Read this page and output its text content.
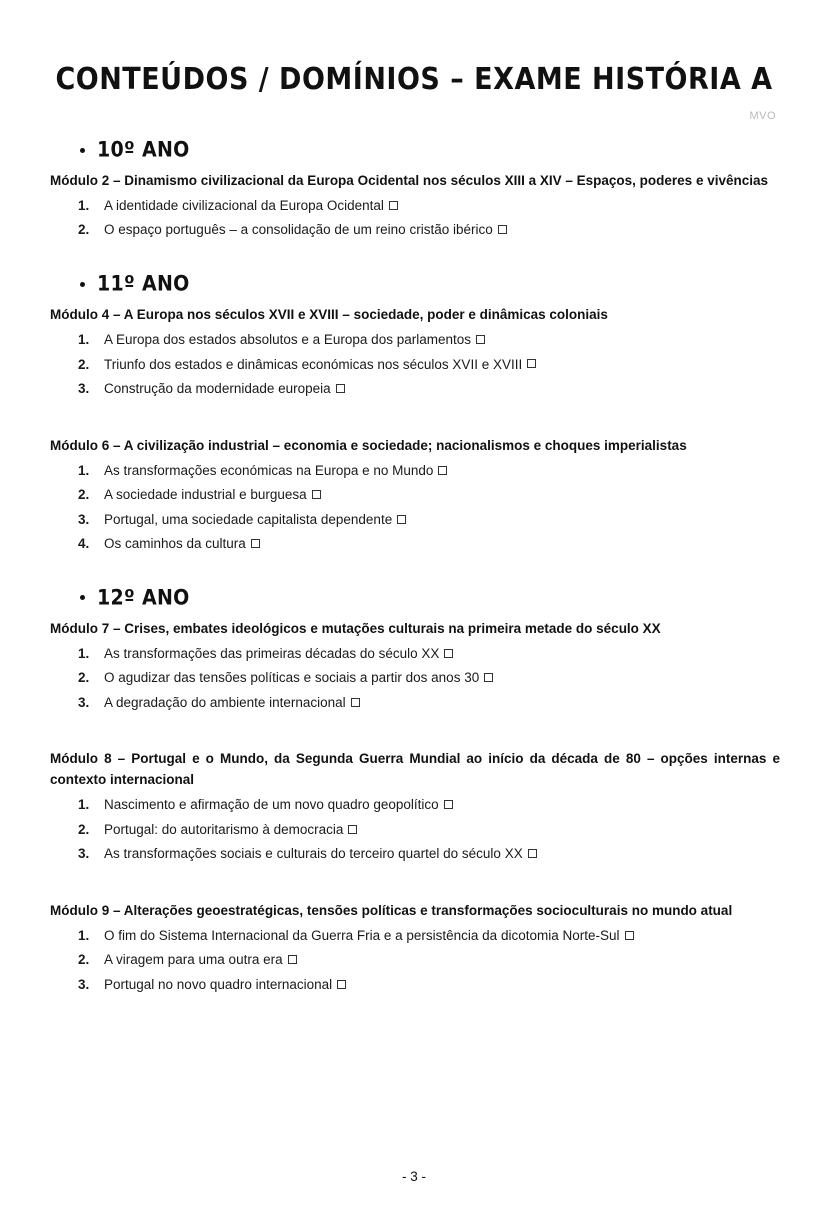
MVO
CONTEÚDOS / DOMÍNIOS – EXAME HISTÓRIA A
10º ANO

Módulo 2 – Dinamismo civilizacional da Europa Ocidental nos séculos XIII a XIV – Espaços, poderes e vivências

1.	A identidade civilizacional da Europa Ocidental
2.	O espaço português – a consolidação de um reino cristão ibérico
11º ANO

Módulo 4 – A Europa nos séculos XVII e XVIII – sociedade, poder e dinâmicas coloniais

1.	A Europa dos estados absolutos e a Europa dos parlamentos
2.	Triunfo dos estados e dinâmicas económicas nos séculos XVII e XVIII
3.	Construção da modernidade europeia

Módulo 6 – A civilização industrial – economia e sociedade; nacionalismos e choques imperialistas

1.	As transformações económicas na Europa e no Mundo
2.	A sociedade industrial e burguesa
3.	Portugal, uma sociedade capitalista dependente
4.	Os caminhos da cultura
12º ANO

Módulo 7 – Crises, embates ideológicos e mutações culturais na primeira metade do século XX

1.	As transformações das primeiras décadas do século XX
2.	O agudizar das tensões políticas e sociais a partir dos anos 30
3.	A degradação do ambiente internacional

Módulo 8 – Portugal e o Mundo, da Segunda Guerra Mundial ao início da década de 80 – opções internas e contexto internacional

1.	Nascimento e afirmação de um novo quadro geopolítico
2.	Portugal: do autoritarismo à democracia
3.	As transformações sociais e culturais do terceiro quartel do século XX

Módulo 9 – Alterações geoestratégicas, tensões políticas e transformações socioculturais no mundo atual

1.	O fim do Sistema Internacional da Guerra Fria e a persistência da dicotomia Norte-Sul
2.	A viragem para uma outra era
3.	Portugal no novo quadro internacional
- 3 -
